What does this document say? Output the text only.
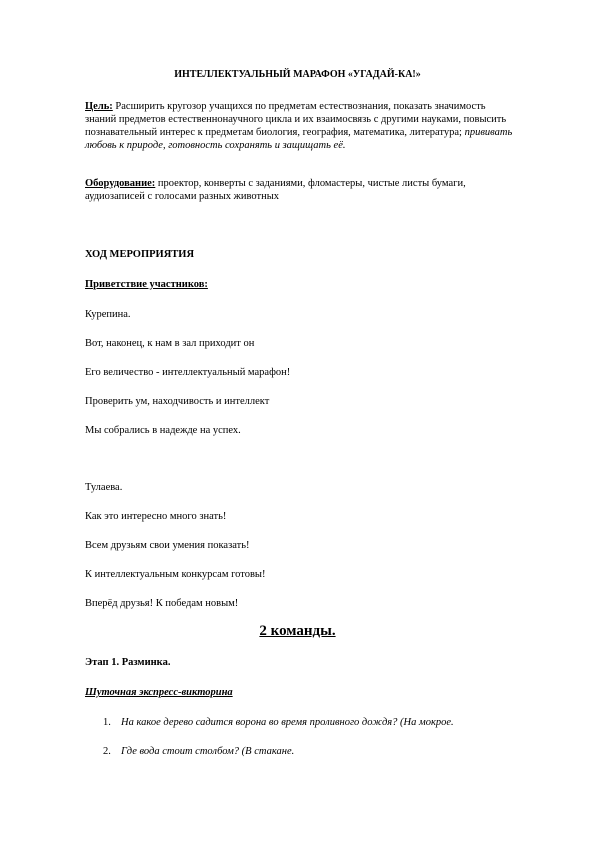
ИНТЕЛЛЕКТУАЛЬНЫЙ МАРАФОН «УГАДАЙ-КА!»
Цель: Расширить кругозор учащихся по предметам естествознания, показать значимость знаний предметов естественнонаучного цикла и их взаимосвязь с другими науками, повысить познавательный интерес к предметам биология, география, математика, литература; прививать любовь к природе, готовность сохранять и защищать её.
Оборудование: проектор, конверты с заданиями, фломастеры, чистые листы бумаги, аудиозаписей с голосами разных животных
ХОД МЕРОПРИЯТИЯ
Приветствие участников:
Курепина.
Вот, наконец, к нам в зал приходит он
Его величество - интеллектуальный марафон!
Проверить ум, находчивость и интеллект
Мы собрались в надежде на успех.
Тулаева.
Как это интересно много знать!
Всем друзьям свои умения показать!
К интеллектуальным конкурсам готовы!
Вперёд друзья! К победам новым!
2 команды.
Этап 1. Разминка.
Шуточная экспресс-викторина
1. На какое дерево садится ворона во время проливного дождя? (На мокрое.
2. Где вода стоит столбом? (В стакане.
